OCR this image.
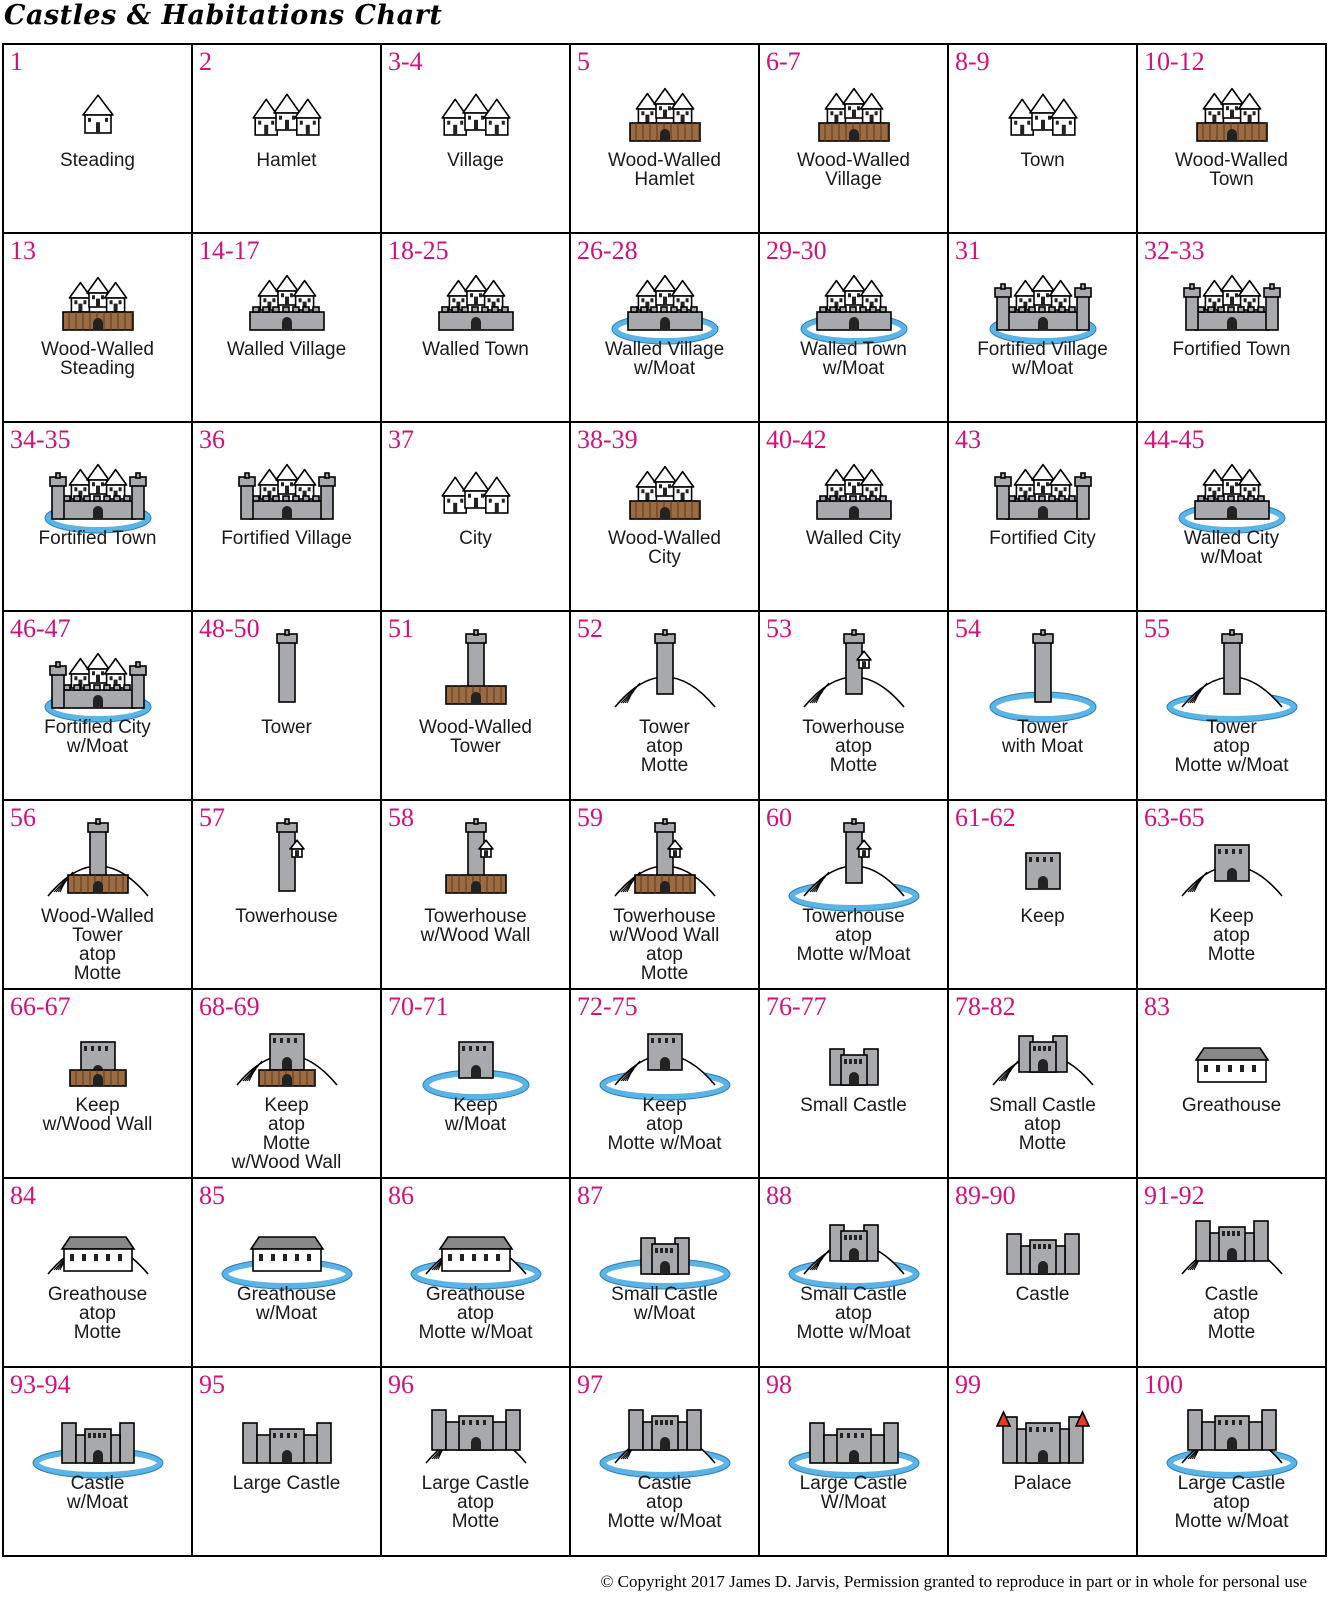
Castles & Habitations Chart
1
Steading
2
Hamlet
3-4
Village
5
Wood-Walled
Hamlet
6-7
Wood-Walled
Village
8-9
Town
10-12
Wood-Walled
Town
13
Wood-Walled
Steading
14-17
Walled Village
18-25
Walled Town
26-28
Walled Village
w/Moat
29-30
Walled Town
w/Moat
31
Fortified Village
w/Moat
32-33
Fortified Town
34-35
Fortified Town
36
Fortified Village
37
City
38-39
Wood-Walled
City
40-42
Walled City
43
Fortified City
44-45
Walled City
w/Moat
46-47
Fortified City
w/Moat
48-50
Tower
51
Wood-Walled
Tower
52
Tower
atop
Motte
53
Towerhouse
atop
Motte
54
Tower
with Moat
55
Tower
atop
Motte w/Moat
56
Wood-Walled
Tower
atop
Motte
57
Towerhouse
58
Towerhouse
w/Wood Wall
59
Towerhouse
w/Wood Wall
atop
Motte
60
Towerhouse
atop
Motte w/Moat
61-62
Keep
63-65
Keep
atop
Motte
66-67
Keep
w/Wood Wall
68-69
Keep
atop
Motte
w/Wood Wall
70-71
Keep
w/Moat
72-75
Keep
atop
Motte w/Moat
76-77
Small Castle
78-82
Small Castle
atop
Motte
83
Greathouse
84
Greathouse
atop
Motte
85
Greathouse
w/Moat
86
Greathouse
atop
Motte w/Moat
87
Small Castle
w/Moat
88
Small Castle
atop
Motte w/Moat
89-90
Castle
91-92
Castle
atop
Motte
93-94
Castle
w/Moat
95
Large Castle
96
Large Castle
atop
Motte
97
Castle
atop
Motte w/Moat
98
Large Castle
W/Moat
99
Palace
100
Large Castle
atop
Motte w/Moat
© Copyright 2017 James D. Jarvis, Permission granted to reproduce in part or in whole for personal use
